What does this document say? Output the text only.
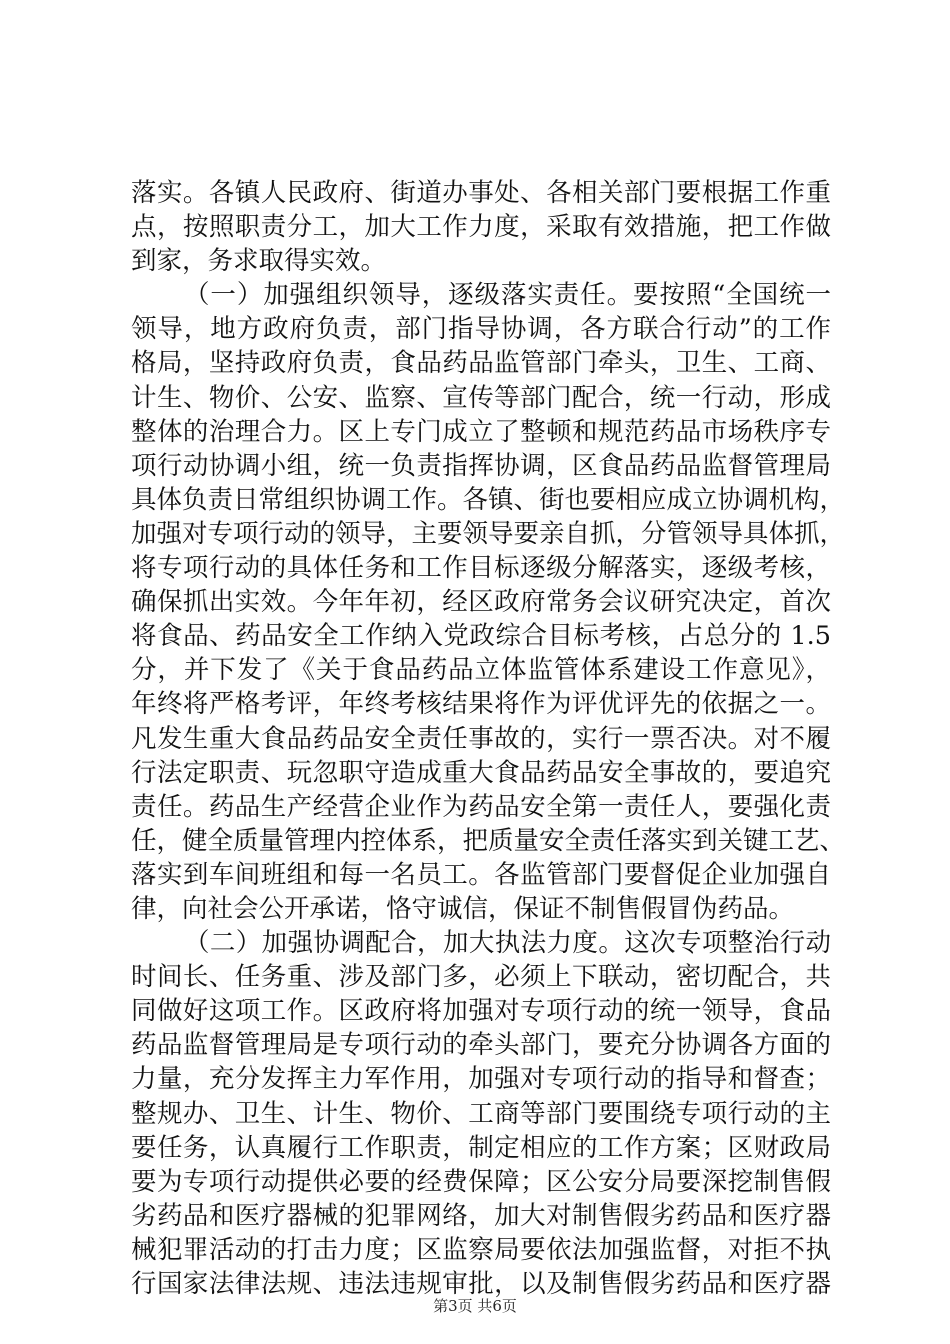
落实。各镇人民政府、街道办事处、各相关部门要根据工作重
点，按照职责分工，加大工作力度，采取有效措施，把工作做
到家，务求取得实效。
（一）加强组织领导，逐级落实责任。要按照“全国统一
领导，地方政府负责，部门指导协调，各方联合行动”的工作
格局，坚持政府负责，食品药品监管部门牵头，卫生、工商、
计生、物价、公安、监察、宣传等部门配合，统一行动，形成
整体的治理合力。区上专门成立了整顿和规范药品市场秩序专
项行动协调小组，统一负责指挥协调，区食品药品监督管理局
具体负责日常组织协调工作。各镇、街也要相应成立协调机构，
加强对专项行动的领导，主要领导要亲自抓，分管领导具体抓，
将专项行动的具体任务和工作目标逐级分解落实，逐级考核，
确保抓出实效。今年年初，经区政府常务会议研究决定，首次
将食品、药品安全工作纳入党政综合目标考核，占总分的 1.5
分，并下发了《关于食品药品立体监管体系建设工作意见》，
年终将严格考评，年终考核结果将作为评优评先的依据之一。
凡发生重大食品药品安全责任事故的，实行一票否决。对不履
行法定职责、玩忽职守造成重大食品药品安全事故的，要追究
责任。药品生产经营企业作为药品安全第一责任人，要强化责
任，健全质量管理内控体系，把质量安全责任落实到关键工艺、
落实到车间班组和每一名员工。各监管部门要督促企业加强自
律，向社会公开承诺，恪守诚信，保证不制售假冒伪药品。
（二）加强协调配合，加大执法力度。这次专项整治行动
时间长、任务重、涉及部门多，必须上下联动，密切配合，共
同做好这项工作。区政府将加强对专项行动的统一领导，食品
药品监督管理局是专项行动的牵头部门，要充分协调各方面的
力量，充分发挥主力军作用，加强对专项行动的指导和督查；
整规办、卫生、计生、物价、工商等部门要围绕专项行动的主
要任务，认真履行工作职责，制定相应的工作方案；区财政局
要为专项行动提供必要的经费保障；区公安分局要深挖制售假
劣药品和医疗器械的犯罪网络，加大对制售假劣药品和医疗器
械犯罪活动的打击力度；区监察局要依法加强监督，对拒不执
行国家法律法规、违法违规审批，以及制售假劣药品和医疗器
第3页 共6页
